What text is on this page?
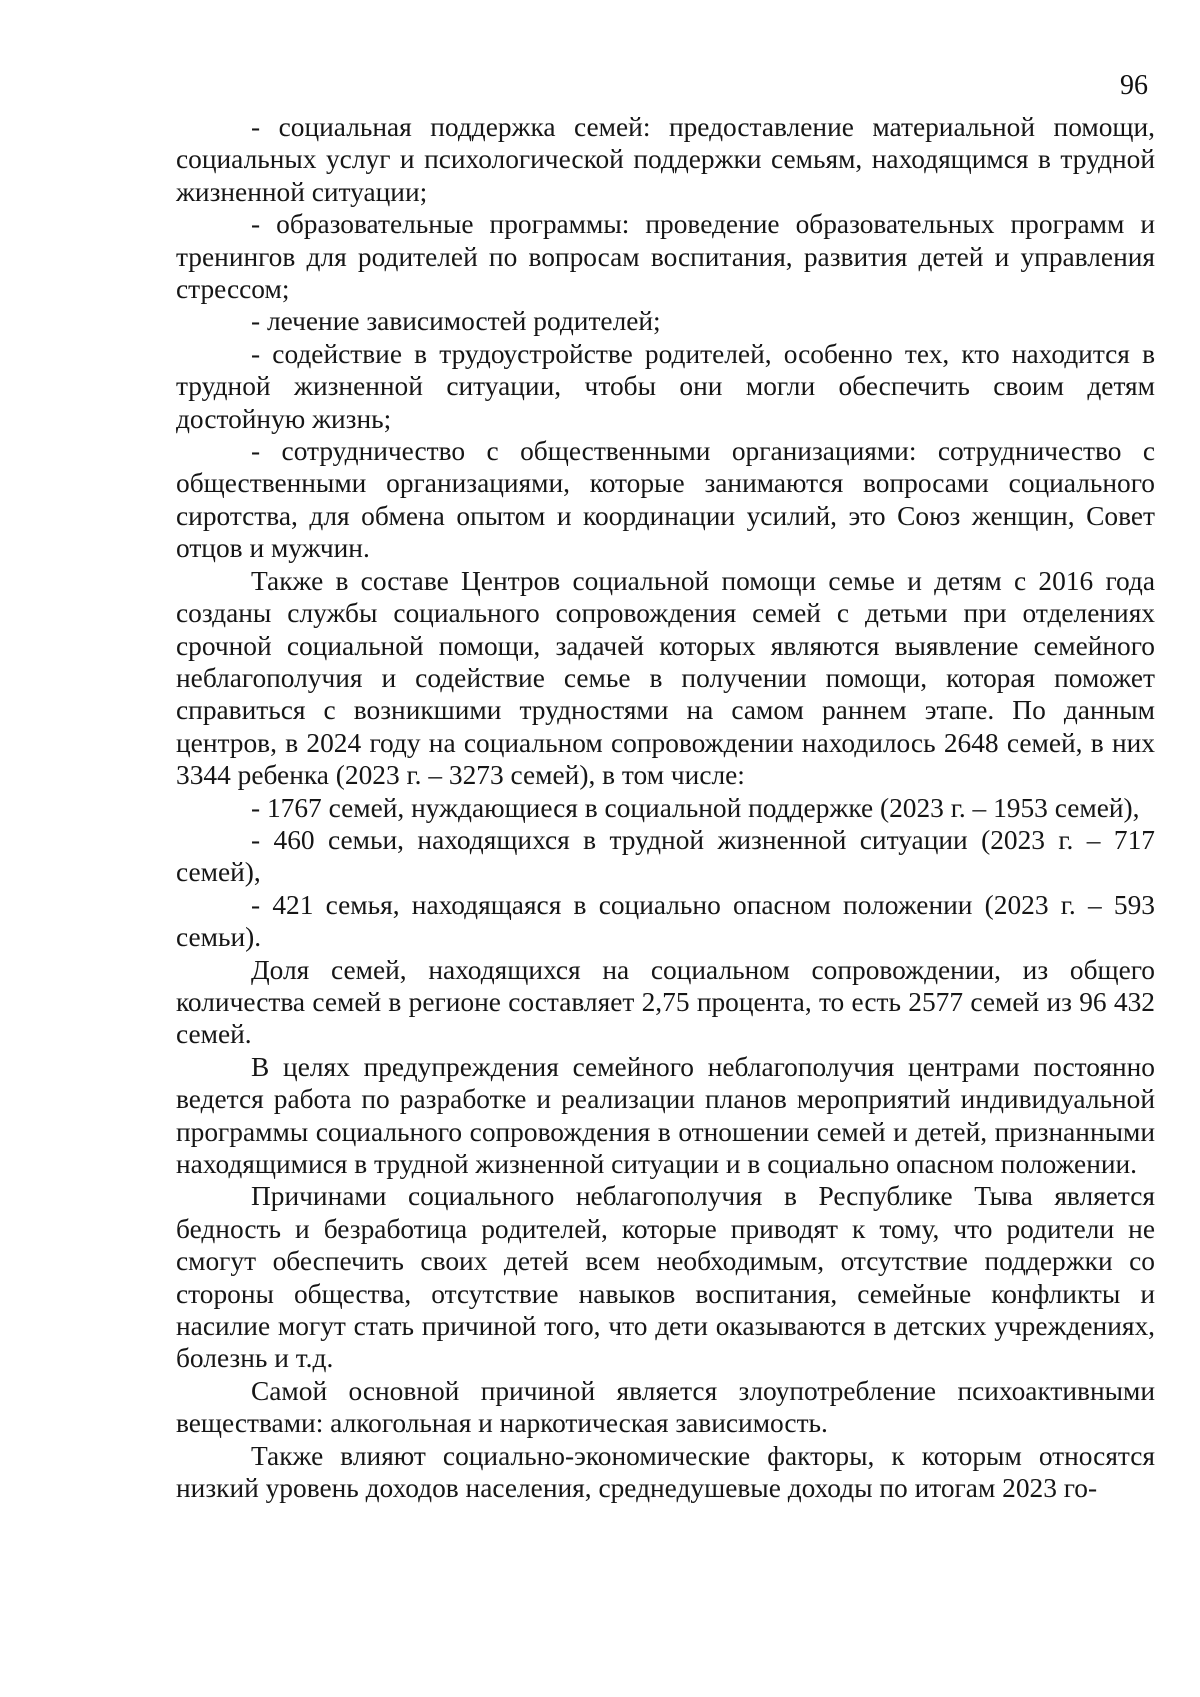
96

- социальная поддержка семей: предоставление материальной помощи, социальных услуг и психологической поддержки семьям, находящимся в трудной жизненной ситуации;

- образовательные программы: проведение образовательных программ и тренингов для родителей по вопросам воспитания, развития детей и управления стрессом;

- лечение зависимостей родителей;

- содействие в трудоустройстве родителей, особенно тех, кто находится в трудной жизненной ситуации, чтобы они могли обеспечить своим детям достойную жизнь;

- сотрудничество с общественными организациями: сотрудничество с общественными организациями, которые занимаются вопросами социального сиротства, для обмена опытом и координации усилий, это Союз женщин, Совет отцов и мужчин.

Также в составе Центров социальной помощи семье и детям с 2016 года созданы службы социального сопровождения семей с детьми при отделениях срочной социальной помощи, задачей которых являются выявление семейного неблагополучия и содействие семье в получении помощи, которая поможет справиться с возникшими трудностями на самом раннем этапе. По данным центров, в 2024 году на социальном сопровождении находилось 2648 семей, в них 3344 ребенка (2023 г. – 3273 семей), в том числе:

- 1767 семей, нуждающиеся в социальной поддержке (2023 г. – 1953 семей),

- 460 семьи, находящихся в трудной жизненной ситуации (2023 г. – 717 семей),

- 421 семья, находящаяся в социально опасном положении (2023 г. – 593 семьи).

Доля семей, находящихся на социальном сопровождении, из общего количества семей в регионе составляет 2,75 процента, то есть 2577 семей из 96 432 семей.

В целях предупреждения семейного неблагополучия центрами постоянно ведется работа по разработке и реализации планов мероприятий индивидуальной программы социального сопровождения в отношении семей и детей, признанными находящимися в трудной жизненной ситуации и в социально опасном положении.

Причинами социального неблагополучия в Республике Тыва является бедность и безработица родителей, которые приводят к тому, что родители не смогут обеспечить своих детей всем необходимым, отсутствие поддержки со стороны общества, отсутствие навыков воспитания, семейные конфликты и насилие могут стать причиной того, что дети оказываются в детских учреждениях, болезнь и т.д.

Самой основной причиной является злоупотребление психоактивными веществами: алкогольная и наркотическая зависимость.

Также влияют социально-экономические факторы, к которым относятся низкий уровень доходов населения, среднедушевые доходы по итогам 2023 го-
